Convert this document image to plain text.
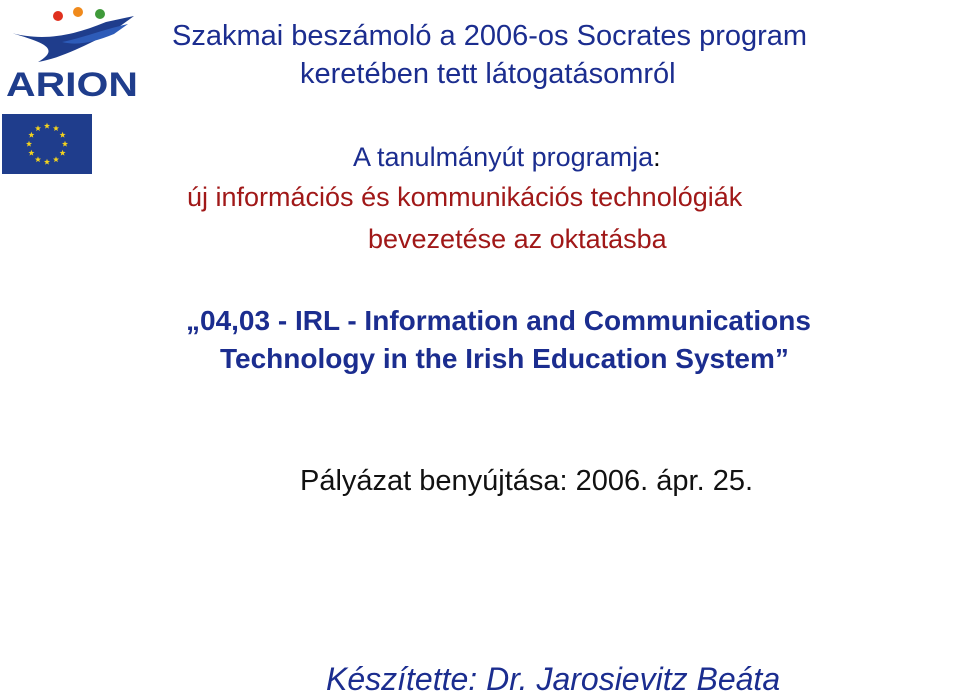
ARION
Szakmai beszámoló a 2006-os Socrates program
keretében tett látogatásomról
A tanulmányút programja:
új információs és kommunikációs technológiák
bevezetése az oktatásba
„04,03 - IRL - Information and Communications
Technology in the Irish Education System”
Pályázat benyújtása: 2006. ápr. 25.
Készítette: Dr. Jarosievitz Beáta
